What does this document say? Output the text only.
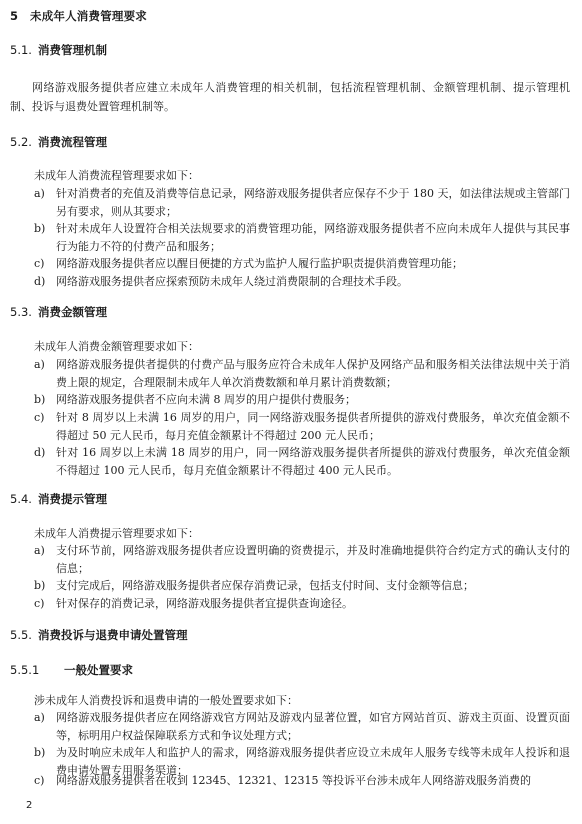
5 未成年人消费管理要求
5.1. 消费管理机制
网络游戏服务提供者应建立未成年人消费管理的相关机制，包括流程管理机制、金额管理机制、提示管理机制、投诉与退费处置管理机制等。
5.2. 消费流程管理
未成年人消费流程管理要求如下：
a) 针对消费者的充值及消费等信息记录，网络游戏服务提供者应保存不少于 180 天，如法律法规或主管部门另有要求，则从其要求；
b) 针对未成年人设置符合相关法规要求的消费管理功能，网络游戏服务提供者不应向未成年人提供与其民事行为能力不符的付费产品和服务；
c) 网络游戏服务提供者应以醒目便捷的方式为监护人履行监护职责提供消费管理功能；
d) 网络游戏服务提供者应探索预防未成年人绕过消费限制的合理技术手段。
5.3. 消费金额管理
未成年人消费金额管理要求如下：
a) 网络游戏服务提供者提供的付费产品与服务应符合未成年人保护及网络产品和服务相关法律法规中关于消费上限的规定，合理限制未成年人单次消费数额和单月累计消费数额；
b) 网络游戏服务提供者不应向未满 8 周岁的用户提供付费服务；
c) 针对 8 周岁以上未满 16 周岁的用户，同一网络游戏服务提供者所提供的游戏付费服务，单次充值金额不得超过 50 元人民币，每月充值金额累计不得超过 200 元人民币；
d) 针对 16 周岁以上未满 18 周岁的用户，同一网络游戏服务提供者所提供的游戏付费服务，单次充值金额不得超过 100 元人民币，每月充值金额累计不得超过 400 元人民币。
5.4. 消费提示管理
未成年人消费提示管理要求如下：
a) 支付环节前，网络游戏服务提供者应设置明确的资费提示，并及时准确地提供符合约定方式的确认支付的信息；
b) 支付完成后，网络游戏服务提供者应保存消费记录，包括支付时间、支付金额等信息；
c) 针对保存的消费记录，网络游戏服务提供者宜提供查询途径。
5.5. 消费投诉与退费申请处置管理
5.5.1 一般处置要求
涉未成年人消费投诉和退费申请的一般处置要求如下：
a) 网络游戏服务提供者应在网络游戏官方网站及游戏内显著位置，如官方网站首页、游戏主页面、设置页面等，标明用户权益保障联系方式和争议处理方式；
b) 为及时响应未成年人和监护人的需求，网络游戏服务提供者应设立未成年人服务专线等未成年人投诉和退费申请处置专用服务渠道；
c) 网络游戏服务提供者在收到 12345、12321、12315 等投诉平台涉未成年人网络游戏服务消费的
2
